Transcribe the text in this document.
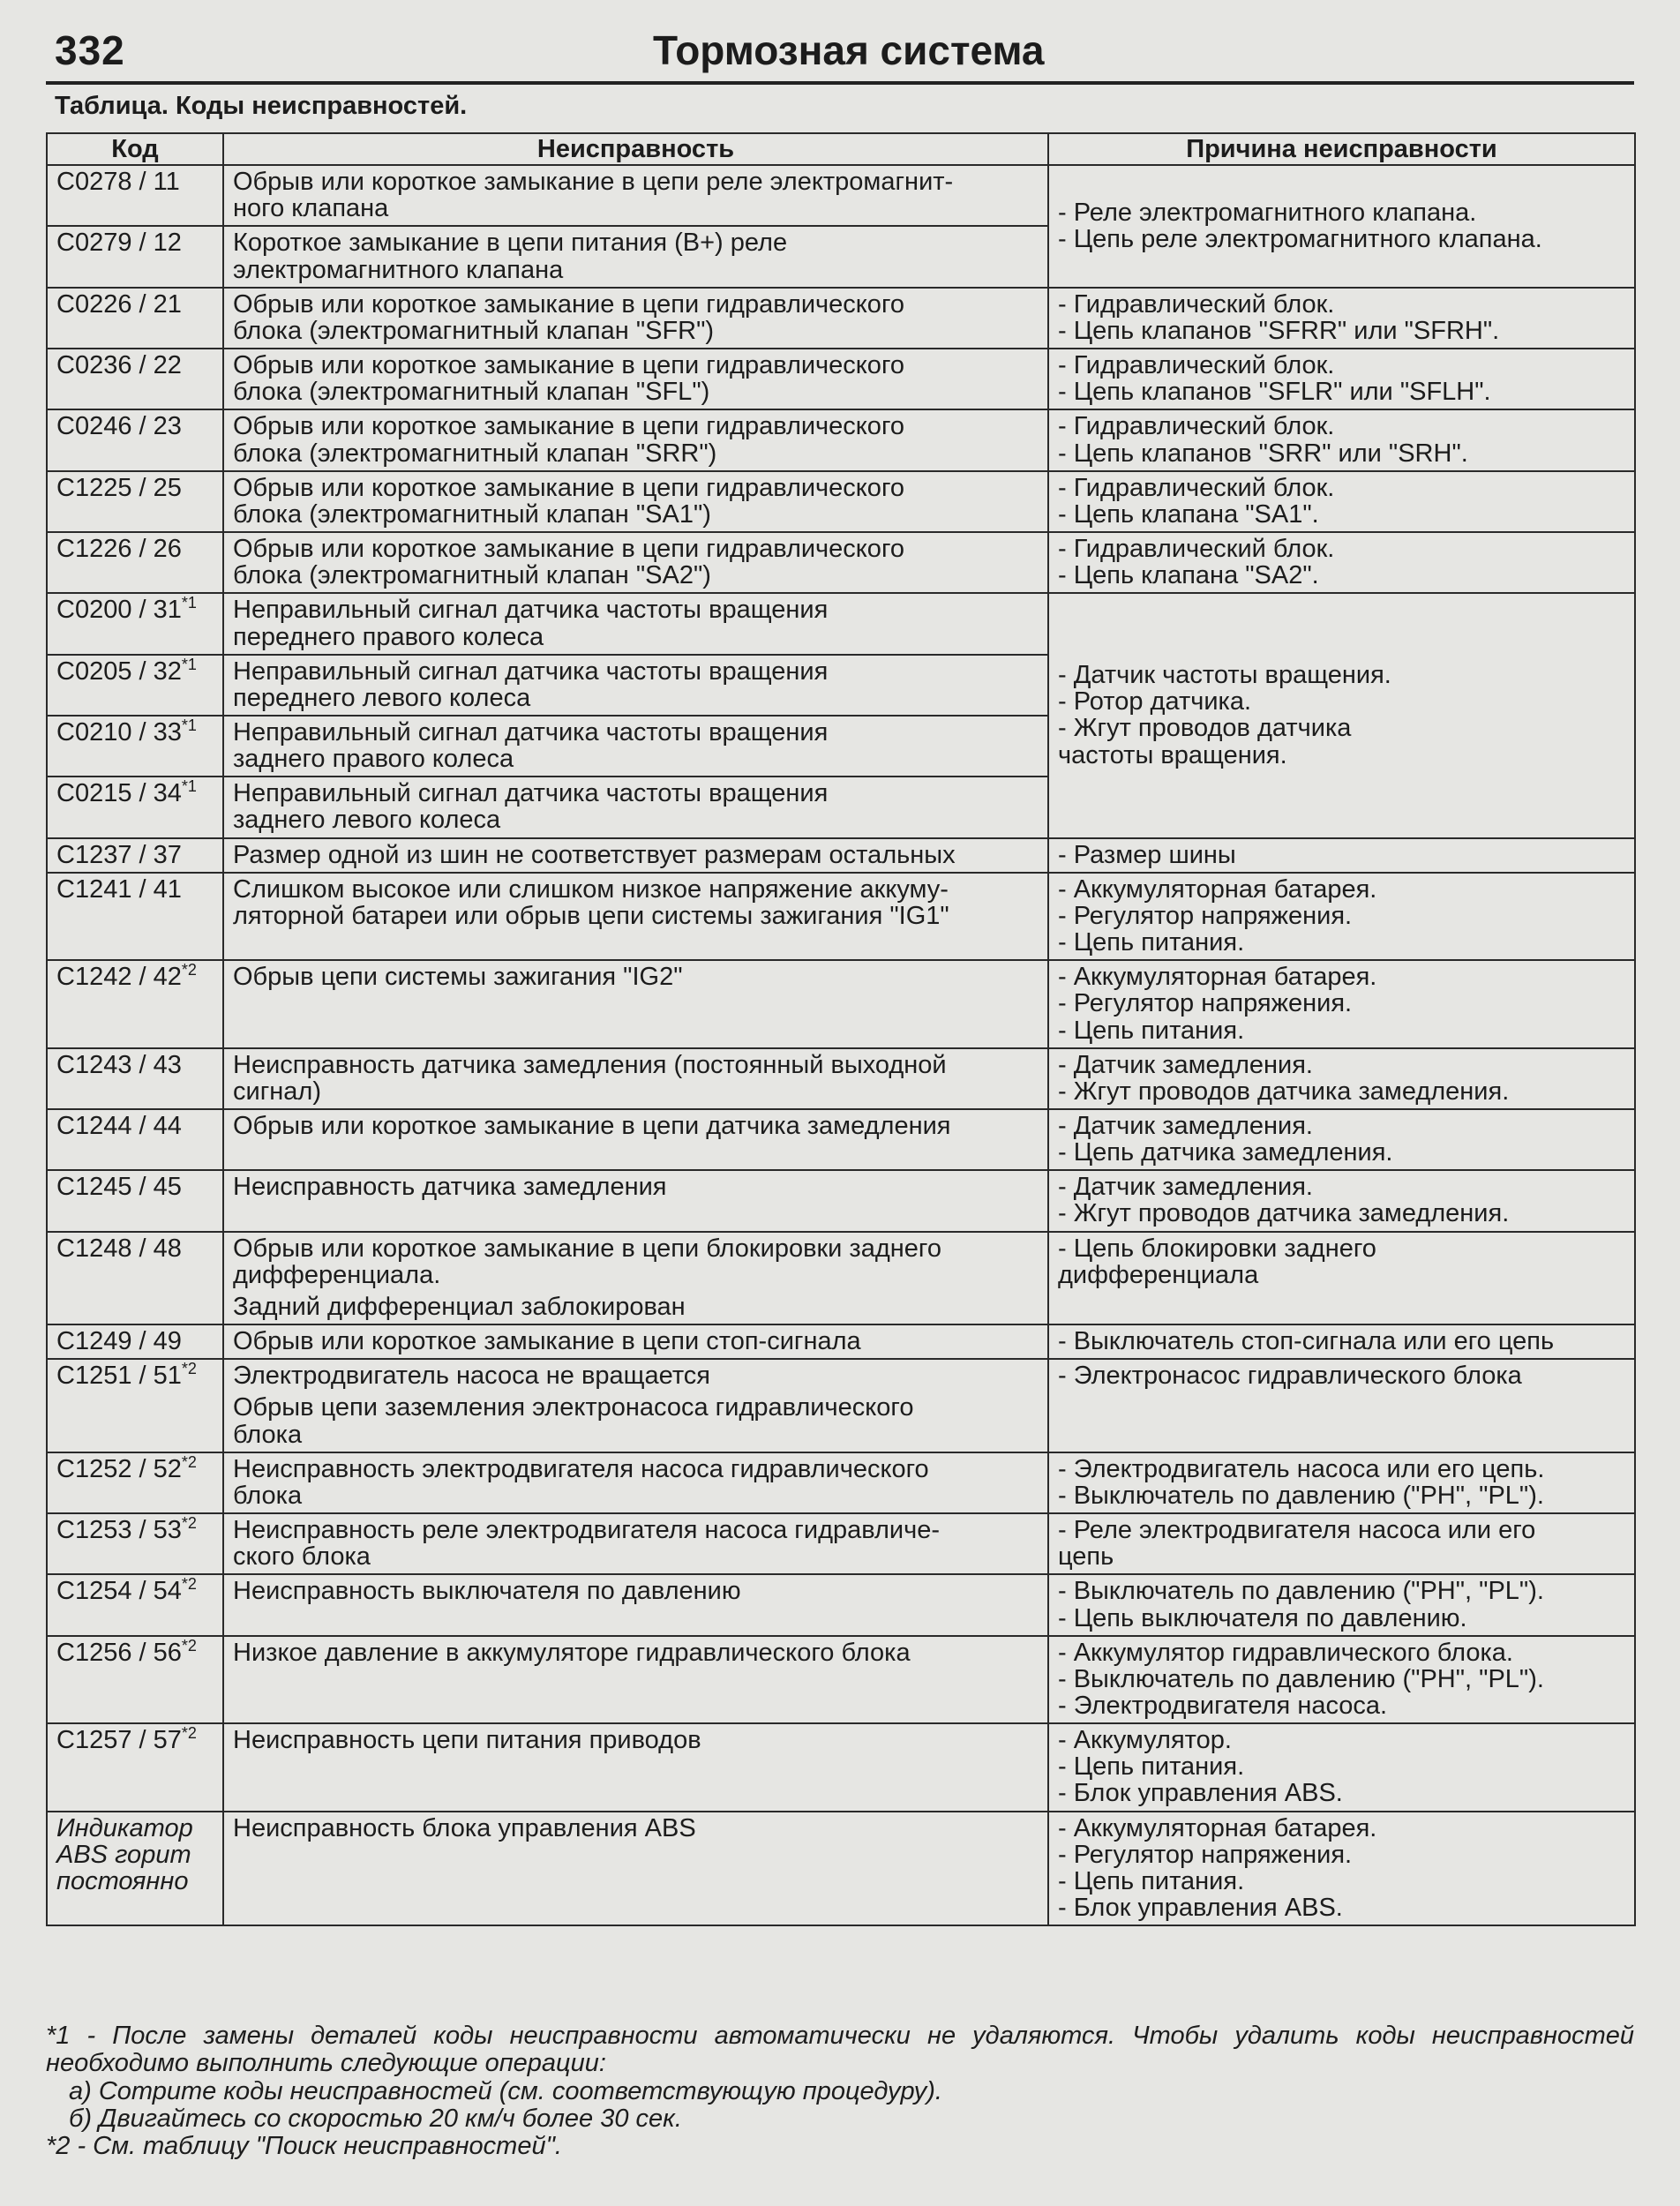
332	Тормозная система
Таблица. Коды неисправностей.
Код	Неисправность	Причина неисправности
C0278 / 11	Обрыв или короткое замыкание в цепи реле электромагнит-
ного клапана	- Реле электромагнитного клапана.
- Цепь реле электромагнитного клапана.
C0279 / 12	Короткое замыкание в цепи питания (B+) реле
электромагнитного клапана	

C0226 / 21	Обрыв или короткое замыкание в цепи гидравлического
блока (электромагнитный клапан "SFR")	- Гидравлический блок.
- Цепь клапанов "SFRR" или "SFRH".
C0236 / 22	Обрыв или короткое замыкание в цепи гидравлического
блока (электромагнитный клапан "SFL")	- Гидравлический блок.
- Цепь клапанов "SFLR" или "SFLH".
C0246 / 23	Обрыв или короткое замыкание в цепи гидравлического
блока (электромагнитный клапан "SRR")	- Гидравлический блок.
- Цепь клапанов "SRR" или "SRH".
C1225 / 25	Обрыв или короткое замыкание в цепи гидравлического
блока (электромагнитный клапан "SA1")	- Гидравлический блок.
- Цепь клапана "SA1".
C1226 / 26	Обрыв или короткое замыкание в цепи гидравлического
блока (электромагнитный клапан "SA2")	- Гидравлический блок.
- Цепь клапана "SA2".
C0200 / 31$^{*1}$	Неправильный сигнал датчика частоты вращения
переднего правого колеса	- Датчик частоты вращения.
- Ротор датчика.
- Жгут проводов датчика
частоты вращения.
C0205 / 32$^{*1}$	Неправильный сигнал датчика частоты вращения
переднего левого колеса	

C0210 / 33$^{*1}$	Неправильный сигнал датчика частоты вращения
заднего правого колеса	

C0215 / 34$^{*1}$	Неправильный сигнал датчика частоты вращения
заднего левого колеса	

C1237 / 37	Размер одной из шин не соответствует размерам остальных	- Размер шины
C1241 / 41	Слишком высокое или слишком низкое напряжение аккуму-
ляторной батареи или обрыв цепи системы зажигания "IG1"	- Аккумуляторная батарея.
- Регулятор напряжения.
- Цепь питания.
C1242 / 42$^{*2}$	Обрыв цепи системы зажигания "IG2"	- Аккумуляторная батарея.
- Регулятор напряжения.
- Цепь питания.
C1243 / 43	Неисправность датчика замедления (постоянный выходной
сигнал)	- Датчик замедления.
- Жгут проводов датчика замедления.
C1244 / 44	Обрыв или короткое замыкание в цепи датчика замедления	- Датчик замедления.
- Цепь датчика замедления.
C1245 / 45	Неисправность датчика замедления	- Датчик замедления.
- Жгут проводов датчика замедления.
C1248 / 48	Обрыв или короткое замыкание в цепи блокировки заднего
дифференциала.
Задний дифференциал заблокирован	- Цепь блокировки заднего
дифференциала
C1249 / 49	Обрыв или короткое замыкание в цепи стоп-сигнала	- Выключатель стоп-сигнала или его цепь
C1251 / 51$^{*2}$	Электродвигатель насоса не вращается
Обрыв цепи заземления электронасоса гидравлического
блока	- Электронасос гидравлического блока
C1252 / 52$^{*2}$	Неисправность электродвигателя насоса гидравлического
блока	- Электродвигатель насоса или его цепь.
- Выключатель по давлению ("PH", "PL").
C1253 / 53$^{*2}$	Неисправность реле электродвигателя насоса гидравличе-
ского блока	- Реле электродвигателя насоса или его
цепь
C1254 / 54$^{*2}$	Неисправность выключателя по давлению	- Выключатель по давлению ("PH", "PL").
- Цепь выключателя по давлению.
C1256 / 56$^{*2}$	Низкое давление в аккумуляторе гидравлического блока	- Аккумулятор гидравлического блока.
- Выключатель по давлению ("PH", "PL").
- Электродвигателя насоса.
C1257 / 57$^{*2}$	Неисправность цепи питания приводов	- Аккумулятор.
- Цепь питания.
- Блок управления ABS.
Индикатор
ABS горит
постоянно	Неисправность блока управления ABS	- Аккумуляторная батарея.
- Регулятор напряжения.
- Цепь питания.
- Блок управления ABS.
*1 - После замены деталей коды неисправности автоматически не удаляются. Чтобы удалить коды неисправностей необходимо выполнить следующие операции:
а) Сотрите коды неисправностей (см. соответствующую процедуру).
б) Двигайтесь со скоростью 20 км/ч более 30 сек.
*2 - См. таблицу "Поиск неисправностей".
